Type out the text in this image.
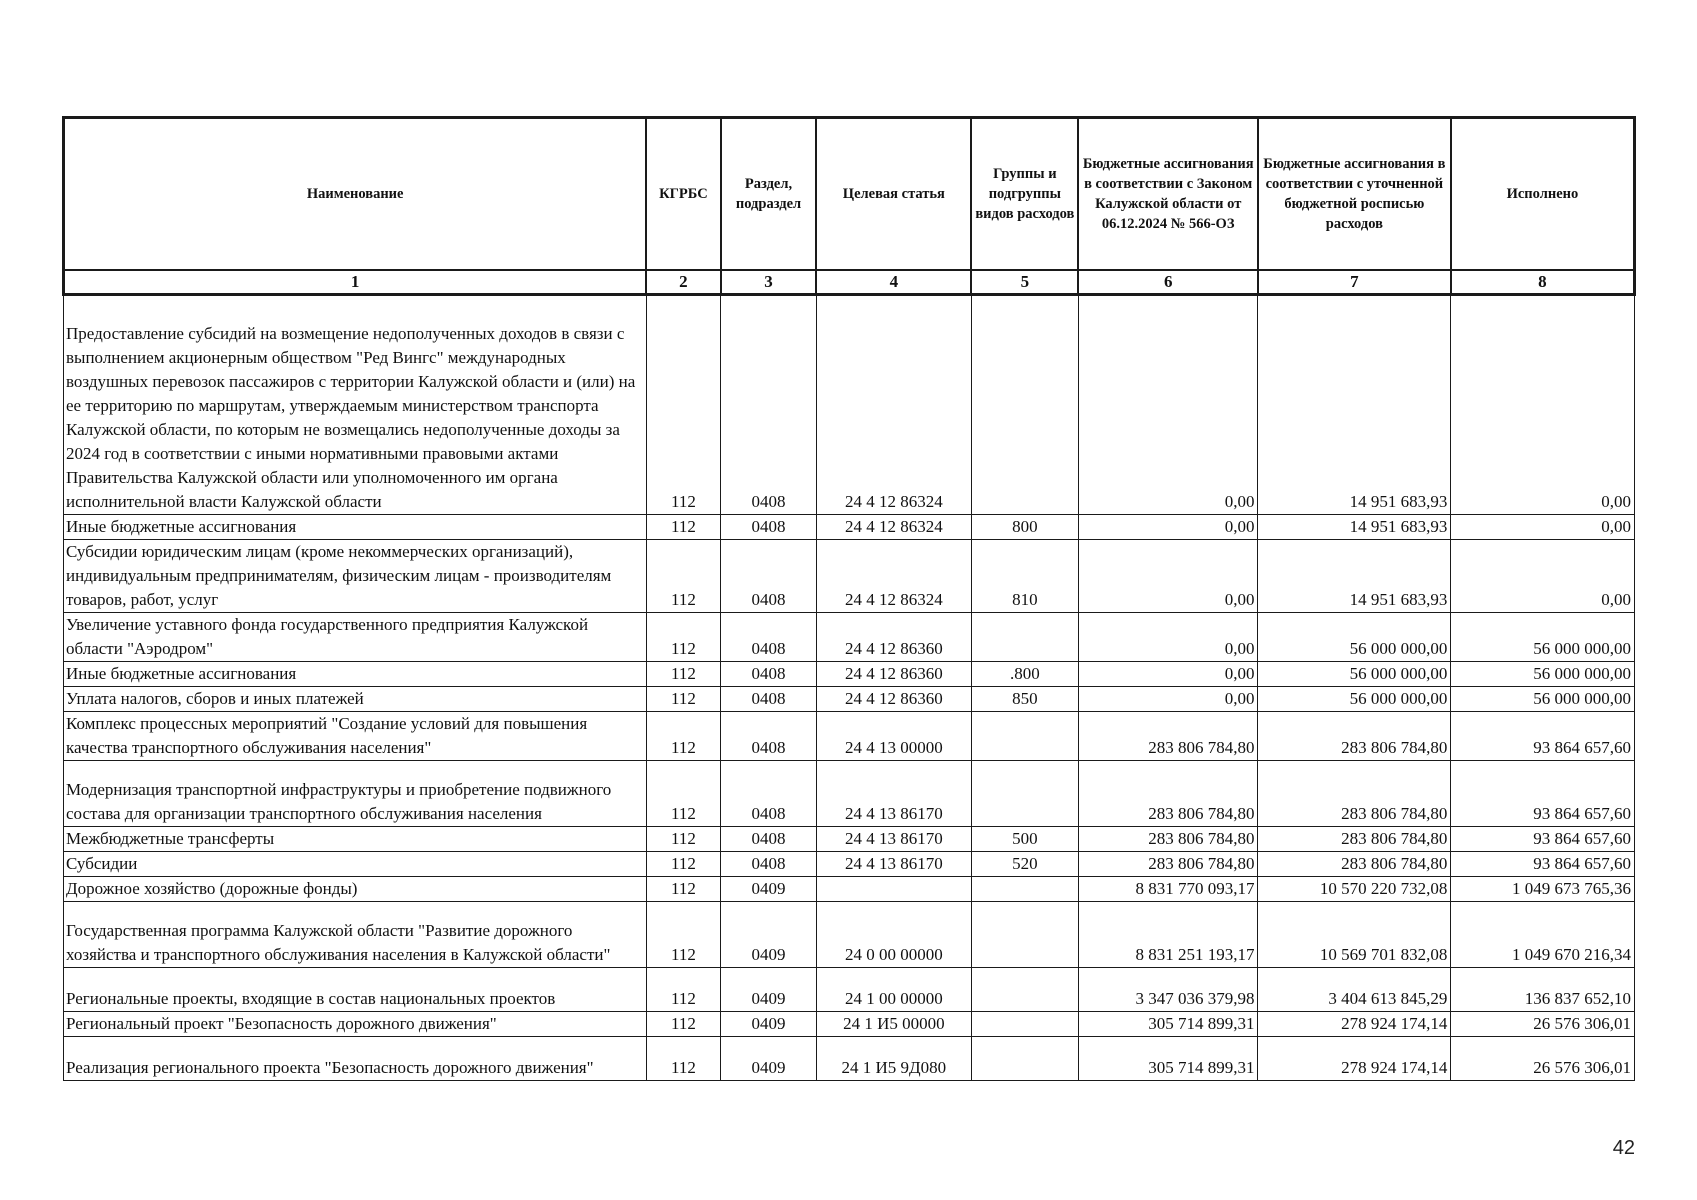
Наименование	КГРБС	Раздел, подраздел	Целевая статья	Группы и подгруппы видов расходов	Бюджетные ассигнования в соответствии с Законом Калужской области от 06.12.2024 № 566-ОЗ	Бюджетные ассигнования в соответствии с уточненной бюджетной росписью расходов	Исполнено
1	2	3	4	5	6	7	8
Предоставление субсидий на возмещение недополученных доходов в связи с выполнением акционерным обществом "Ред Вингс" международных воздушных перевозок пассажиров с территории Калужской области и (или) на ее территорию по маршрутам, утверждаемым министерством транспорта Калужской области, по которым не возмещались недополученные доходы за 2024 год в соответствии с иными нормативными правовыми актами Правительства Калужской области или уполномоченного им органа исполнительной власти Калужской области	112	0408	24 4 12 86324		0,00	14 951 683,93	0,00
Иные бюджетные ассигнования	112	0408	24 4 12 86324	800	0,00	14 951 683,93	0,00
Субсидии юридическим лицам (кроме некоммерческих организаций), индивидуальным предпринимателям, физическим лицам - производителям товаров, работ, услуг	112	0408	24 4 12 86324	810	0,00	14 951 683,93	0,00
Увеличение уставного фонда государственного предприятия Калужской области "Аэродром"	112	0408	24 4 12 86360		0,00	56 000 000,00	56 000 000,00
Иные бюджетные ассигнования	112	0408	24 4 12 86360	.800	0,00	56 000 000,00	56 000 000,00
Уплата налогов, сборов и иных платежей	112	0408	24 4 12 86360	850	0,00	56 000 000,00	56 000 000,00
Комплекс процессных мероприятий "Создание условий для повышения качества транспортного обслуживания населения"	112	0408	24 4 13 00000		283 806 784,80	283 806 784,80	93 864 657,60
Модернизация транспортной инфраструктуры и приобретение подвижного состава для организации транспортного обслуживания населения	112	0408	24 4 13 86170		283 806 784,80	283 806 784,80	93 864 657,60
Межбюджетные трансферты	112	0408	24 4 13 86170	500	283 806 784,80	283 806 784,80	93 864 657,60
Субсидии	112	0408	24 4 13 86170	520	283 806 784,80	283 806 784,80	93 864 657,60
Дорожное хозяйство (дорожные фонды)	112	0409			8 831 770 093,17	10 570 220 732,08	1 049 673 765,36
Государственная программа Калужской области "Развитие дорожного хозяйства и транспортного обслуживания населения в Калужской области"	112	0409	24 0 00 00000		8 831 251 193,17	10 569 701 832,08	1 049 670 216,34
Региональные проекты, входящие в состав национальных проектов	112	0409	24 1 00 00000		3 347 036 379,98	3 404 613 845,29	136 837 652,10
Региональный проект "Безопасность дорожного движения"	112	0409	24 1 И5 00000		305 714 899,31	278 924 174,14	26 576 306,01
Реализация регионального проекта "Безопасность дорожного движения"	112	0409	24 1 И5 9Д080		305 714 899,31	278 924 174,14	26 576 306,01
42
